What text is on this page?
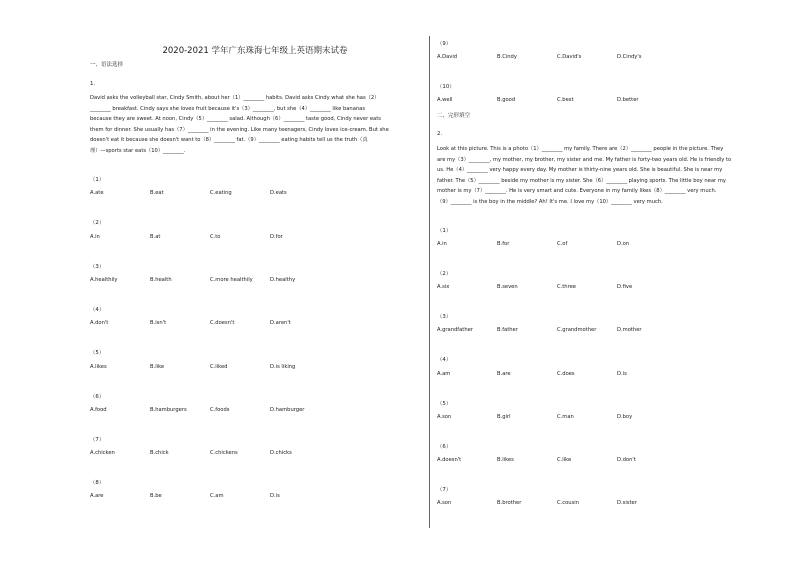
2020-2021 学年广东珠海七年级上英语期末试卷
一、语法选择
1.
David asks the volleyball star, Cindy Smith, about her（1）________ habits. David asks Cindy what she has（2）
________ breakfast. Cindy says she loves fruit because it's（3）________, but she（4）________ like bananas
because they are sweet. At noon, Cindy（5）________ salad. Although（6）________ taste good, Cindy never eats
them for dinner. She usually has（7）________ in the evening. Like many teenagers, Cindy loves ice-cream. But she
doesn't eat it because she doesn't want to（8）________ fat.（9）________ eating habits tell us the truth（真
理）—sports star eats（10）________.
（1）
A.ate	B.eat	C.eating	D.eats
（2）
A.in	B.at	C.to	D.for
（3）
A.healthily	B.health	C.more healthily	D.healthy
（4）
A.don't	B.isn't	C.doesn't	D.aren't
（5）
A.likes	B.like	C.liked	D.is liking
（6）
A.food	B.hamburgers	C.foods	D.hamburger
（7）
A.chicken	B.chick	C.chickens	D.chicks
（8）
A.are	B.be	C.am	D.is
（9）
A.David	B.Cindy	C.David's	D.Cindy's
（10）
A.well	B.good	C.best	D.better
二、完形填空
2.
Look at this picture. This is a photo（1）________ my family. There are（2）________ people in the picture. They
are my（3）________, my mother, my brother, my sister and me. My father is forty-two years old. He is friendly to
us. He（4）________ very happy every day. My mother is thirty-nine years old. She is beautiful. She is near my
father. The（5）________ beside my mother is my sister. She（6）________ playing sports. The little boy near my
mother is my（7）________. He is very smart and cute. Everyone in my family likes（8）________ very much.
（9）________ is the boy in the middle? Ah! It's me. I love my（10）________ very much.
（1）
A.in	B.for	C.of	D.on
（2）
A.six	B.seven	C.three	D.five
（3）
A.grandfather	B.father	C.grandmother	D.mother
（4）
A.am	B.are	C.does	D.is
（5）
A.son	B.girl	C.man	D.boy
（6）
A.doesn't	B.likes	C.like	D.don't
（7）
A.son	B.brother	C.cousin	D.sister
